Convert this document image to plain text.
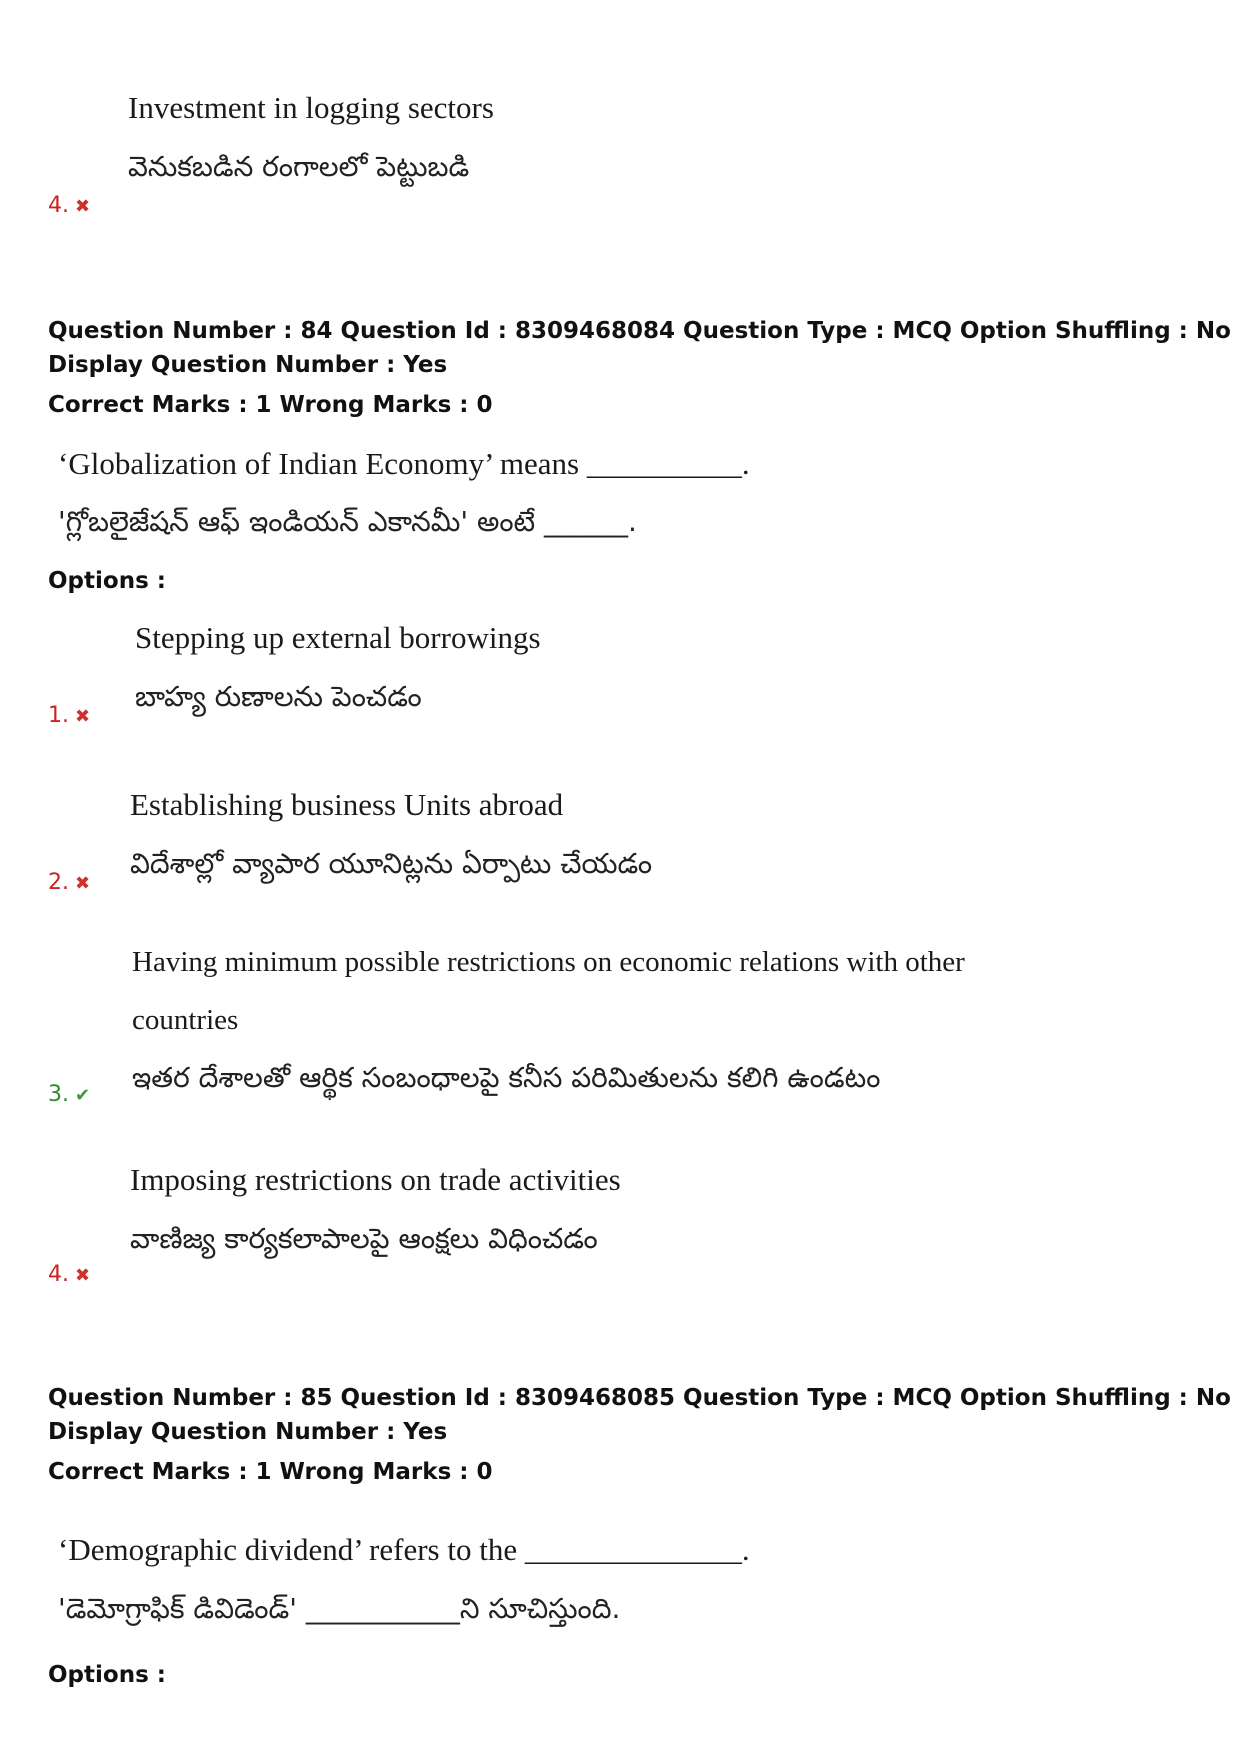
Investment in logging sectors
వెనుకబడిన రంగాలలో పెట్టుబడి
4. ✖
Question Number : 84 Question Id : 8309468084 Question Type : MCQ Option Shuffling : No
Display Question Number : Yes
Correct Marks : 1 Wrong Marks : 0
‘Globalization of Indian Economy’ means __________.
'గ్లోబలైజేషన్ ఆఫ్ ఇండియన్ ఎకానమీ' అంటే ______.
Options :
Stepping up external borrowings
బాహ్య రుణాలను పెంచడం
1. ✖
Establishing business Units abroad
విదేశాల్లో వ్యాపార యూనిట్లను ఏర్పాటు చేయడం
2. ✖
Having minimum possible restrictions on economic relations with other
countries
ఇతర దేశాలతో ఆర్థిక సంబంధాలపై కనీస పరిమితులను కలిగి ఉండటం
3. ✔
Imposing restrictions on trade activities
వాణిజ్య కార్యకలాపాలపై ఆంక్షలు విధించడం
4. ✖
Question Number : 85 Question Id : 8309468085 Question Type : MCQ Option Shuffling : No
Display Question Number : Yes
Correct Marks : 1 Wrong Marks : 0
‘Demographic dividend’ refers to the ______________.
'డెమోగ్రాఫిక్ డివిడెండ్' ___________ని సూచిస్తుంది.
Options :
